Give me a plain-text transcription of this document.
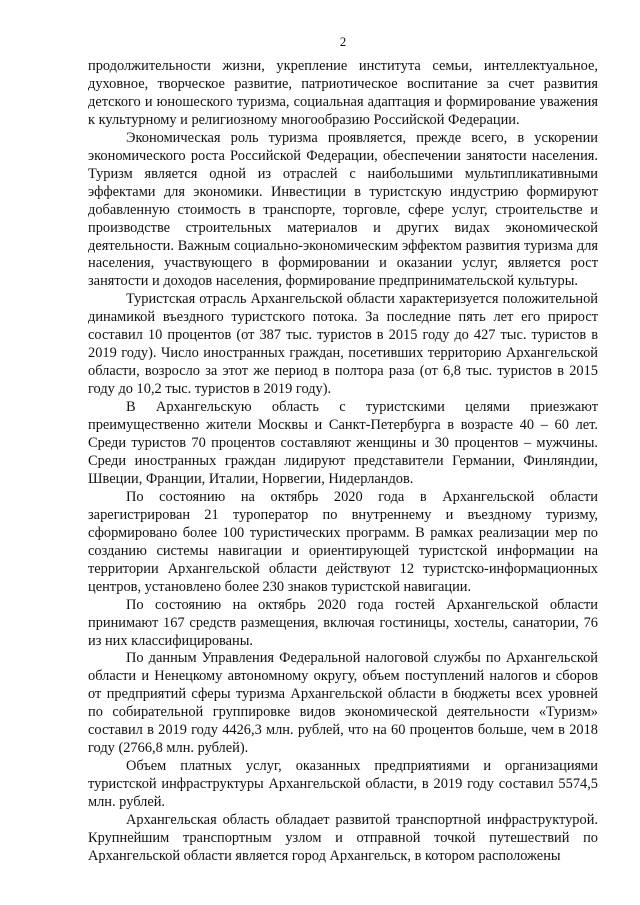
2

продолжительности жизни, укрепление института семьи, интеллектуальное, духовное, творческое развитие, патриотическое воспитание за счет развития детского и юношеского туризма, социальная адаптация и формирование уважения к культурному и религиозному многообразию Российской Федерации.

Экономическая роль туризма проявляется, прежде всего, в ускорении экономического роста Российской Федерации, обеспечении занятости населения. Туризм является одной из отраслей с наибольшими мультипликативными эффектами для экономики. Инвестиции в туристскую индустрию формируют добавленную стоимость в транспорте, торговле, сфере услуг, строительстве и производстве строительных материалов и других видах экономической деятельности. Важным социально-экономическим эффектом развития туризма для населения, участвующего в формировании и оказании услуг, является рост занятости и доходов населения, формирование предпринимательской культуры.

Туристская отрасль Архангельской области характеризуется положительной динамикой въездного туристского потока. За последние пять лет его прирост составил 10 процентов (от 387 тыс. туристов в 2015 году до 427 тыс. туристов в 2019 году). Число иностранных граждан, посетивших территорию Архангельской области, возросло за этот же период в полтора раза (от 6,8 тыс. туристов в 2015 году до 10,2 тыс. туристов в 2019 году).

В Архангельскую область с туристскими целями приезжают преимущественно жители Москвы и Санкт-Петербурга в возрасте 40 – 60 лет. Среди туристов 70 процентов составляют женщины и 30 процентов – мужчины. Среди иностранных граждан лидируют представители Германии, Финляндии, Швеции, Франции, Италии, Норвегии, Нидерландов.

По состоянию на октябрь 2020 года в Архангельской области зарегистрирован 21 туроператор по внутреннему и въездному туризму, сформировано более 100 туристических программ. В рамках реализации мер по созданию системы навигации и ориентирующей туристской информации на территории Архангельской области действуют 12 туристско-информационных центров, установлено более 230 знаков туристской навигации.

По состоянию на октябрь 2020 года гостей Архангельской области принимают 167 средств размещения, включая гостиницы, хостелы, санатории, 76 из них классифицированы.

По данным Управления Федеральной налоговой службы по Архангельской области и Ненецкому автономному округу, объем поступлений налогов и сборов от предприятий сферы туризма Архангельской области в бюджеты всех уровней по собирательной группировке видов экономической деятельности «Туризм» составил в 2019 году 4426,3 млн. рублей, что на 60 процентов больше, чем в 2018 году (2766,8 млн. рублей).

Объем платных услуг, оказанных предприятиями и организациями туристской инфраструктуры Архангельской области, в 2019 году составил 5574,5 млн. рублей.

Архангельская область обладает развитой транспортной инфраструктурой. Крупнейшим транспортным узлом и отправной точкой путешествий по Архангельской области является город Архангельск, в котором расположены
